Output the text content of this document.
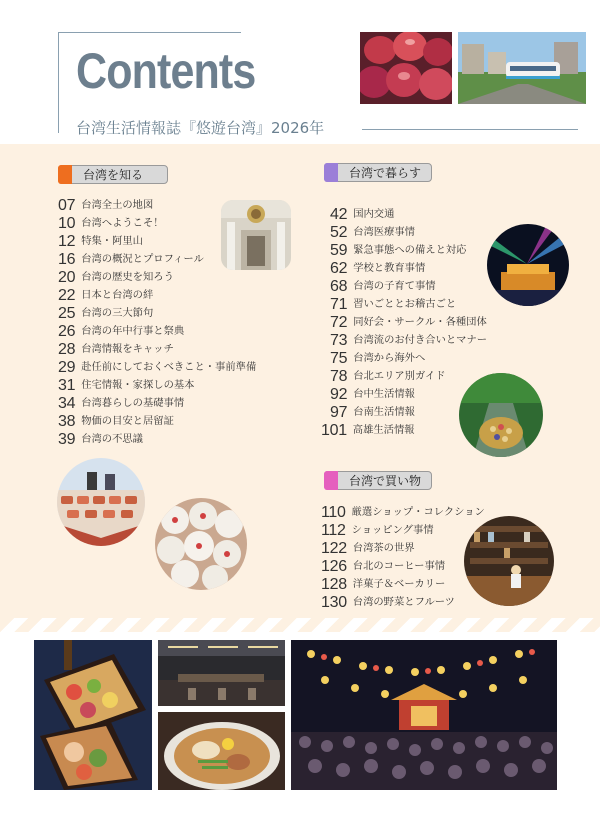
Contents
台湾生活情報誌『悠遊台湾』2026年
台湾を知る	台湾で暮らす
台湾で買い物
07 台湾全土の地図
10 台湾へようこそ！
12 特集・阿里山
16 台湾の概況とプロフィール
20 台湾の歴史を知ろう
22 日本と台湾の絆
25 台湾の三大節句
26 台湾の年中行事と祭典
28 台湾情報をキャッチ
29 赴任前にしておくべきこと・事前準備
31 住宅情報・家探しの基本
34 台湾暮らしの基礎事情
38 物価の目安と居留証
39 台湾の不思議
42 国内交通
52 台湾医療事情
59 緊急事態への備えと対応
62 学校と教育事情
68 台湾の子育て事情
71 習いごととお稽古ごと
72 同好会・サークル・各種団体
73 台湾流のお付き合いとマナー
75 台湾から海外へ
78 台北エリア別ガイド
92 台中生活情報
97 台南生活情報
101 高雄生活情報
110 厳選ショップ・コレクション
112 ショッピング事情
122 台湾茶の世界
126 台北のコーヒー事情
128 洋菓子＆ベーカリー
130 台湾の野菜とフルーツ
